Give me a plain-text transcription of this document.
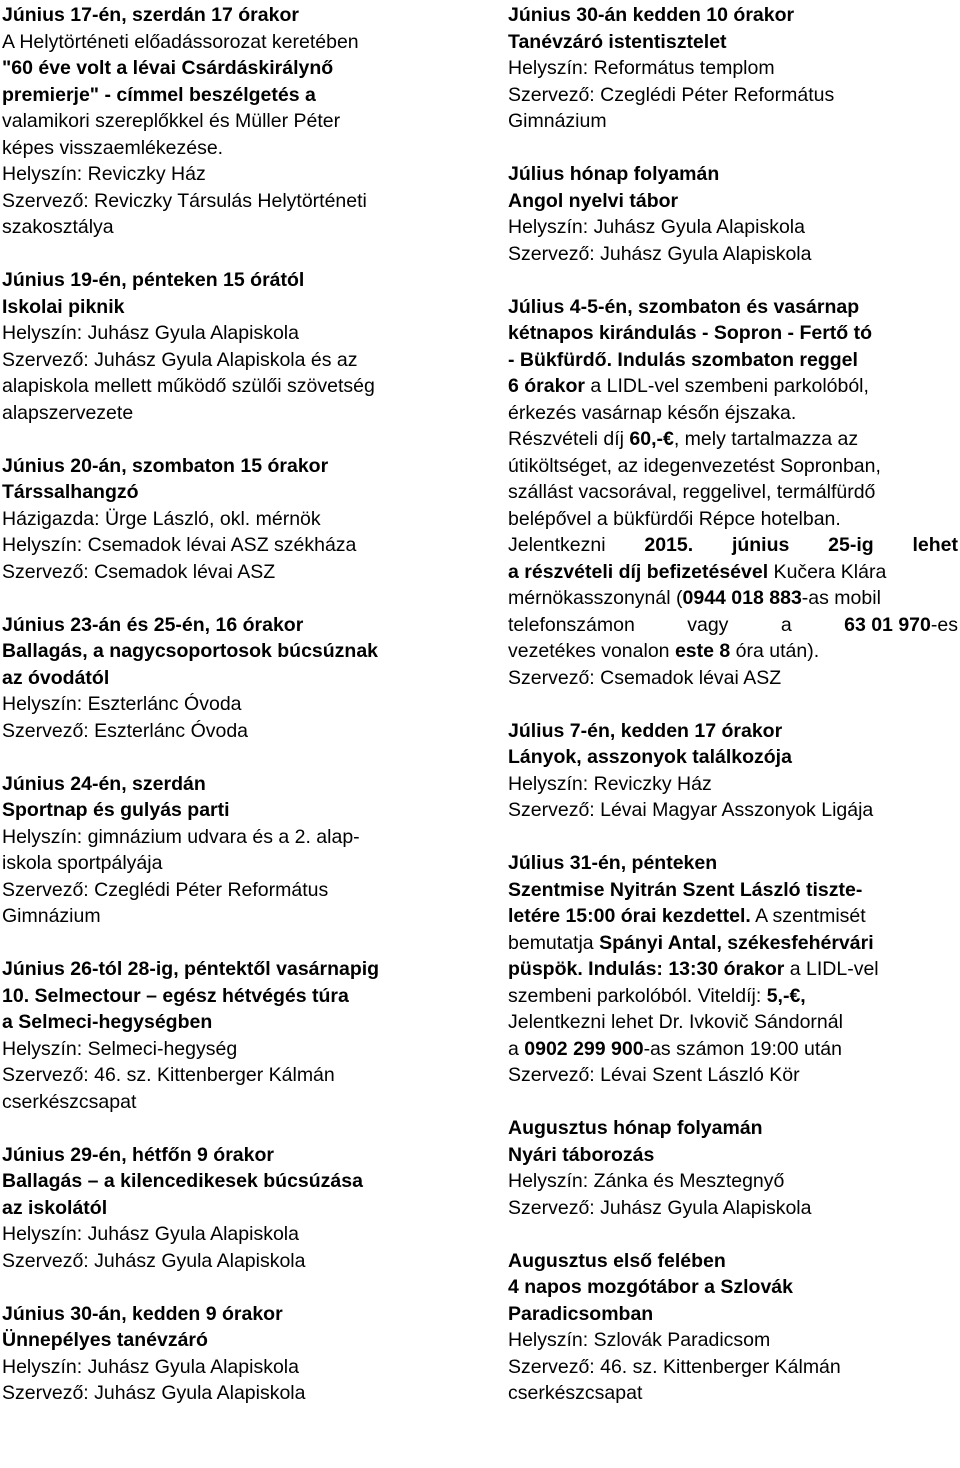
Június 17-én, szerdán 17 órakor
A Helytörténeti előadássorozat keretében
"60 éve volt a lévai Csárdáskirálynő
premierje" - címmel beszélgetés a
valamikori szereplőkkel és Müller Péter
képes visszaemlékezése.
Helyszín: Reviczky Ház
Szervező: Reviczky Társulás Helytörténeti
szakosztálya
Június 19-én, pénteken 15 órától
Iskolai piknik
Helyszín: Juhász Gyula Alapiskola
Szervező: Juhász Gyula Alapiskola és az
alapiskola mellett működő szülői szövetség
alapszervezete
Június 20-án, szombaton 15 órakor
Társsalhangzó
Házigazda: Ürge László, okl. mérnök
Helyszín: Csemadok lévai ASZ székháza
Szervező: Csemadok lévai ASZ
Június 23-án és 25-én, 16 órakor
Ballagás, a nagycsoportosok búcsúznak
az óvodától
Helyszín: Eszterlánc Óvoda
Szervező: Eszterlánc Óvoda
Június 24-én, szerdán
Sportnap és gulyás parti
Helyszín: gimnázium udvara és a 2. alap-
iskola sportpályája
Szervező: Czeglédi Péter Református
Gimnázium
Június 26-tól 28-ig, péntektől vasárnapig
10. Selmectour – egész hétvégés túra
a Selmeci-hegységben
Helyszín: Selmeci-hegység
Szervező: 46. sz. Kittenberger Kálmán
cserkészcsapat
Június 29-én, hétfőn 9 órakor
Ballagás – a kilencedikesek búcsúzása
az iskolától
Helyszín: Juhász Gyula Alapiskola
Szervező: Juhász Gyula Alapiskola
Június 30-án, kedden 9 órakor
Ünnepélyes tanévzáró
Helyszín: Juhász Gyula Alapiskola
Szervező: Juhász Gyula Alapiskola
Június 30-án kedden 10 órakor
Tanévzáró istentisztelet
Helyszín: Református templom
Szervező: Czeglédi Péter Református
Gimnázium
Július hónap folyamán
Angol nyelvi tábor
Helyszín: Juhász Gyula Alapiskola
Szervező: Juhász Gyula Alapiskola
Július 4-5-én, szombaton és vasárnap
kétnapos kirándulás - Sopron - Fertő tó
- Bükfürdő. Indulás szombaton reggel
6 órakor a LIDL-vel szembeni parkolóból,
érkezés vasárnap későn éjszaka.
Részvételi díj 60,-€, mely tartalmazza az
útiköltséget, az idegenvezetést Sopronban,
szállást vacsorával, reggelivel, termálfürdő
belépővel a bükfürdői Répce hotelban.
Jelentkezni 2015. június 25-ig lehet
a részvételi díj befizetésével Kučera Klára
mérnökasszonynál (0944 018 883-as mobil
telefonszámon	vagy	a	63 01 970-es
vezetékes vonalon este 8 óra után).
Szervező: Csemadok lévai ASZ
Július 7-én, kedden 17 órakor
Lányok, asszonyok találkozója
Helyszín: Reviczky Ház
Szervező: Lévai Magyar Asszonyok Ligája
Július 31-én, pénteken
Szentmise Nyitrán Szent László tiszte-
letére 15:00 órai kezdettel. A szentmisét
bemutatja Spányi Antal, székesfehérvári
püspök. Indulás: 13:30 órakor a LIDL-vel
szembeni parkolóból. Viteldíj: 5,-€,
Jelentkezni lehet Dr. Ivkovič Sándornál
a 0902 299 900-as számon 19:00 után
Szervező: Lévai Szent László Kör
Augusztus hónap folyamán
Nyári táborozás
Helyszín: Zánka és Mesztegnyő
Szervező: Juhász Gyula Alapiskola
Augusztus első felében
4 napos mozgótábor a Szlovák
Paradicsomban
Helyszín: Szlovák Paradicsom
Szervező: 46. sz. Kittenberger Kálmán
cserkészcsapat
